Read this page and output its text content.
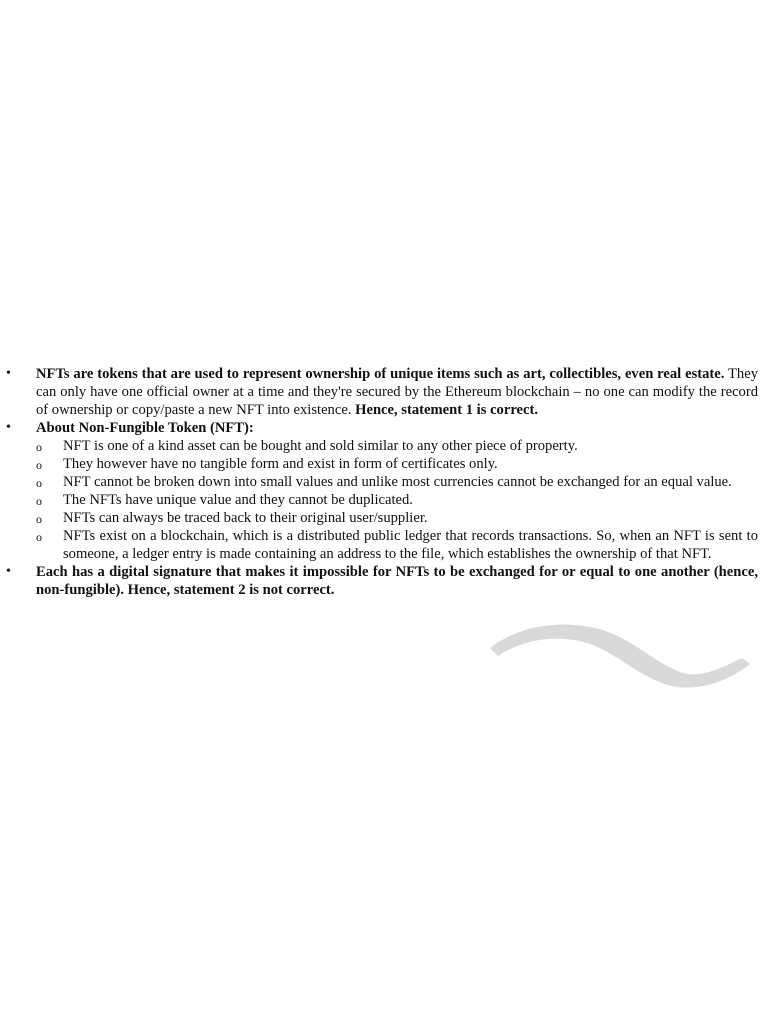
•	NFTs are tokens that are used to represent ownership of unique items such as art, collectibles, even real estate. They can only have one official owner at a time and they're secured by the Ethereum blockchain – no one can modify the record of ownership or copy/paste a new NFT into existence. Hence, statement 1 is correct.
•	About Non-Fungible Token (NFT):
o	NFT is one of a kind asset can be bought and sold similar to any other piece of property.
o	They however have no tangible form and exist in form of certificates only.
o	NFT cannot be broken down into small values and unlike most currencies cannot be exchanged for an equal value.
o	The NFTs have unique value and they cannot be duplicated.
o	NFTs can always be traced back to their original user/supplier.
o	NFTs exist on a blockchain, which is a distributed public ledger that records transactions. So, when an NFT is sent to someone, a ledger entry is made containing an address to the file, which establishes the ownership of that NFT.
•	Each has a digital signature that makes it impossible for NFTs to be exchanged for or equal to one another (hence, non-fungible). Hence, statement 2 is not correct.
